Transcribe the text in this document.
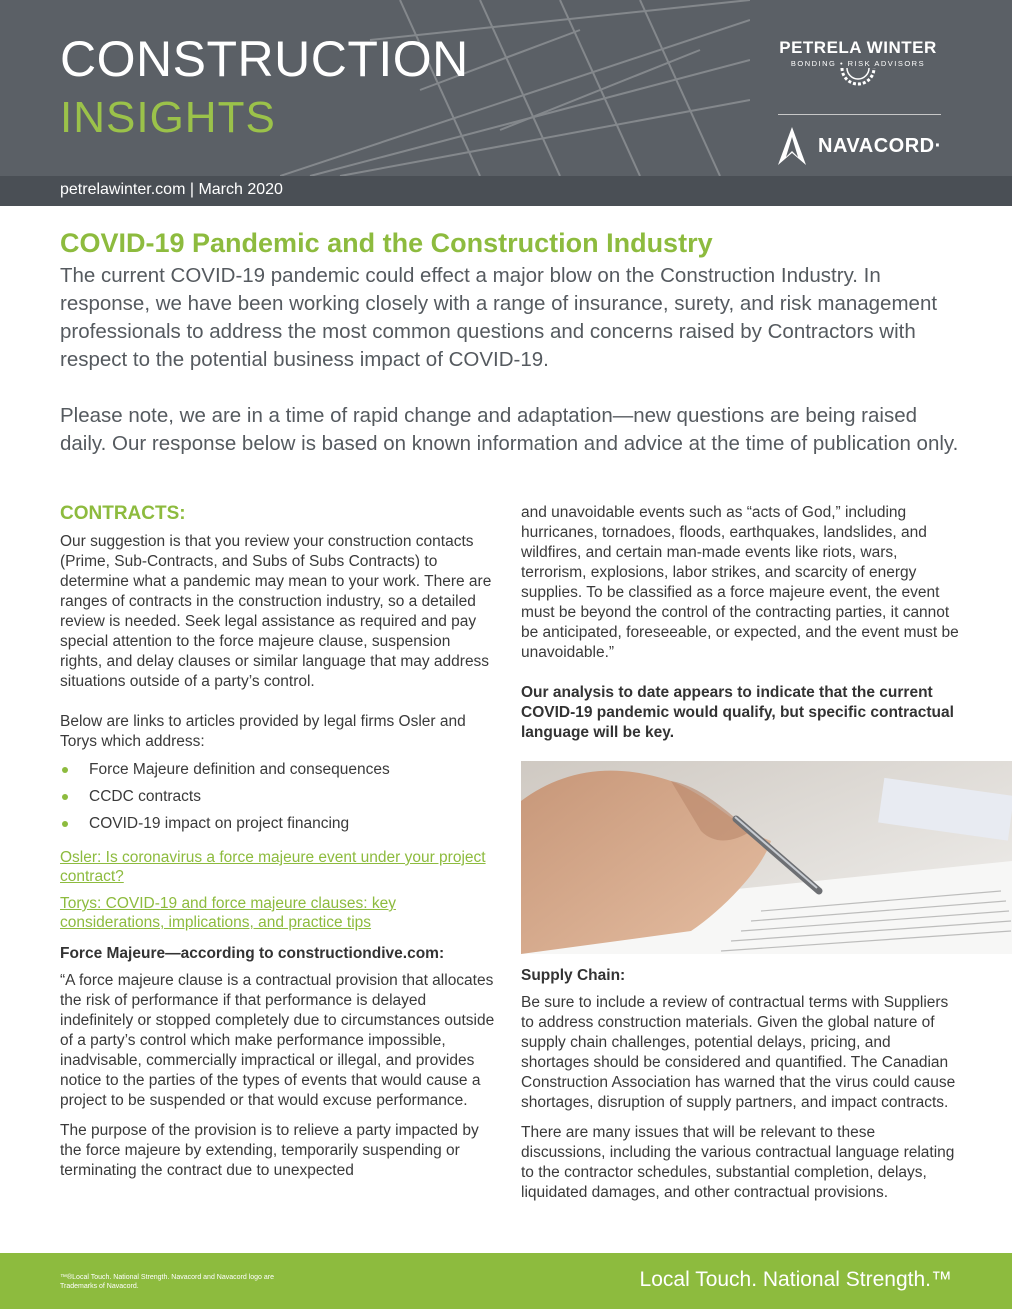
CONSTRUCTION
INSIGHTS
PETRELA WINTER
BONDING • RISK ADVISORS
NAVACORD·
petrelawinter.com | March 2020
COVID-19 Pandemic and the Construction Industry

The current COVID-19 pandemic could effect a major blow on the Construction Industry. In response, we have been working closely with a range of insurance, surety, and risk management professionals to address the most common questions and concerns raised by Contractors with respect to the potential business impact of COVID-19.

Please note, we are in a time of rapid change and adaptation—new questions are being raised daily. Our response below is based on known information and advice at the time of publication only.

CONTRACTS:

Our suggestion is that you review your construction contacts (Prime, Sub-Contracts, and Subs of Subs Contracts) to determine what a pandemic may mean to your work. There are ranges of contracts in the construction industry, so a detailed review is needed. Seek legal assistance as required and pay special attention to the force majeure clause, suspension rights, and delay clauses or similar language that may address situations outside of a party’s control.

Below are links to articles provided by legal firms Osler and Torys which address:

Force Majeure definition and consequences
CCDC contracts
COVID-19 impact on project financing
Osler: Is coronavirus a force majeure event under your project contract?
Torys: COVID-19 and force majeure clauses: key considerations, implications, and practice tips
Force Majeure—according to constructiondive.com:

“A force majeure clause is a contractual provision that allocates the risk of performance if that performance is delayed indefinitely or stopped completely due to circumstances outside of a party’s control which make performance impossible, inadvisable, commercially impractical or illegal, and provides notice to the parties of the types of events that would cause a project to be suspended or that would excuse performance.

The purpose of the provision is to relieve a party impacted by the force majeure by extending, temporarily suspending or terminating the contract due to unexpected

and unavoidable events such as “acts of God,” including hurricanes, tornadoes, floods, earthquakes, landslides, and wildfires, and certain man-made events like riots, wars, terrorism, explosions, labor strikes, and scarcity of energy supplies. To be classified as a force majeure event, the event must be beyond the control of the contracting parties, it cannot be anticipated, foreseeable, or expected, and the event must be unavoidable.”

Our analysis to date appears to indicate that the current COVID-19 pandemic would qualify, but specific contractual language will be key.

Supply Chain:

Be sure to include a review of contractual terms with Suppliers to address construction materials. Given the global nature of supply chain challenges, potential delays, pricing, and shortages should be considered and quantified. The Canadian Construction Association has warned that the virus could cause shortages, disruption of supply partners, and impact contracts.

There are many issues that will be relevant to these discussions, including the various contractual language relating to the contractor schedules, substantial completion, delays, liquidated damages, and other contractual provisions.

™®Local Touch. National Strength. Navacord and Navacord logo are Trademarks of Navacord.	Local Touch. National Strength.™
